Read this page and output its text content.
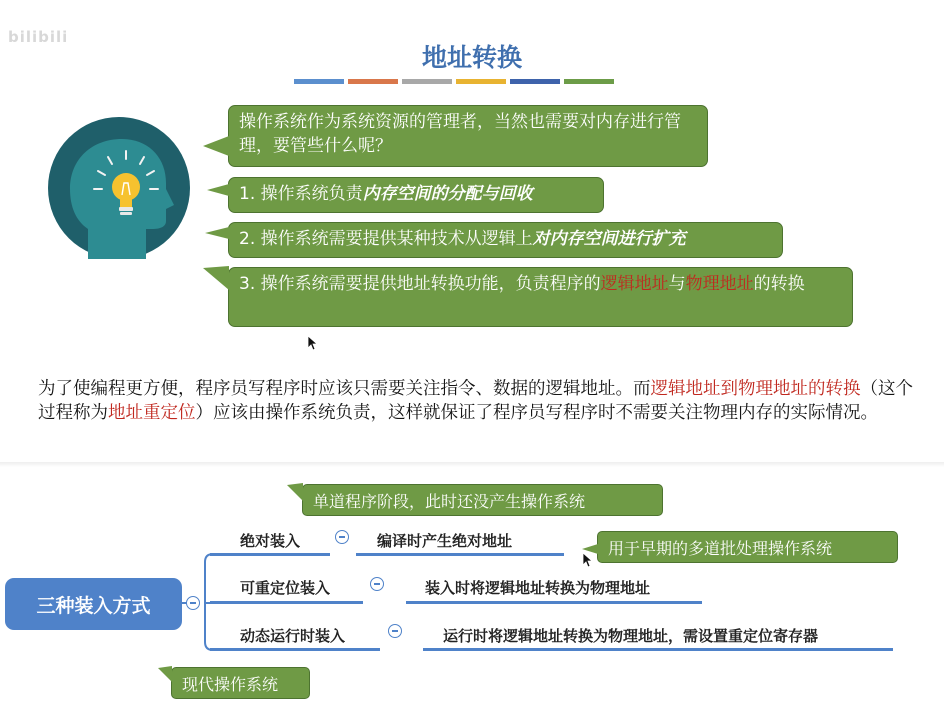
bilibili
地址转换
操作系统作为系统资源的管理者，当然也需要对内存进行管理，要管些什么呢？
1. 操作系统负责内存空间的分配与回收
2. 操作系统需要提供某种技术从逻辑上对内存空间进行扩充
3. 操作系统需要提供地址转换功能，负责程序的逻辑地址与物理地址的转换
为了使编程更方便，程序员写程序时应该只需要关注指令、数据的逻辑地址。而逻辑地址到物理地址的转换（这个过程称为地址重定位）应该由操作系统负责，这样就保证了程序员写程序时不需要关注物理内存的实际情况。
三种装入方式
绝对装入	编译时产生绝对地址
可重定位装入	装入时将逻辑地址转换为物理地址
动态运行时装入	运行时将逻辑地址转换为物理地址，需设置重定位寄存器
单道程序阶段，此时还没产生操作系统
用于早期的多道批处理操作系统
现代操作系统
